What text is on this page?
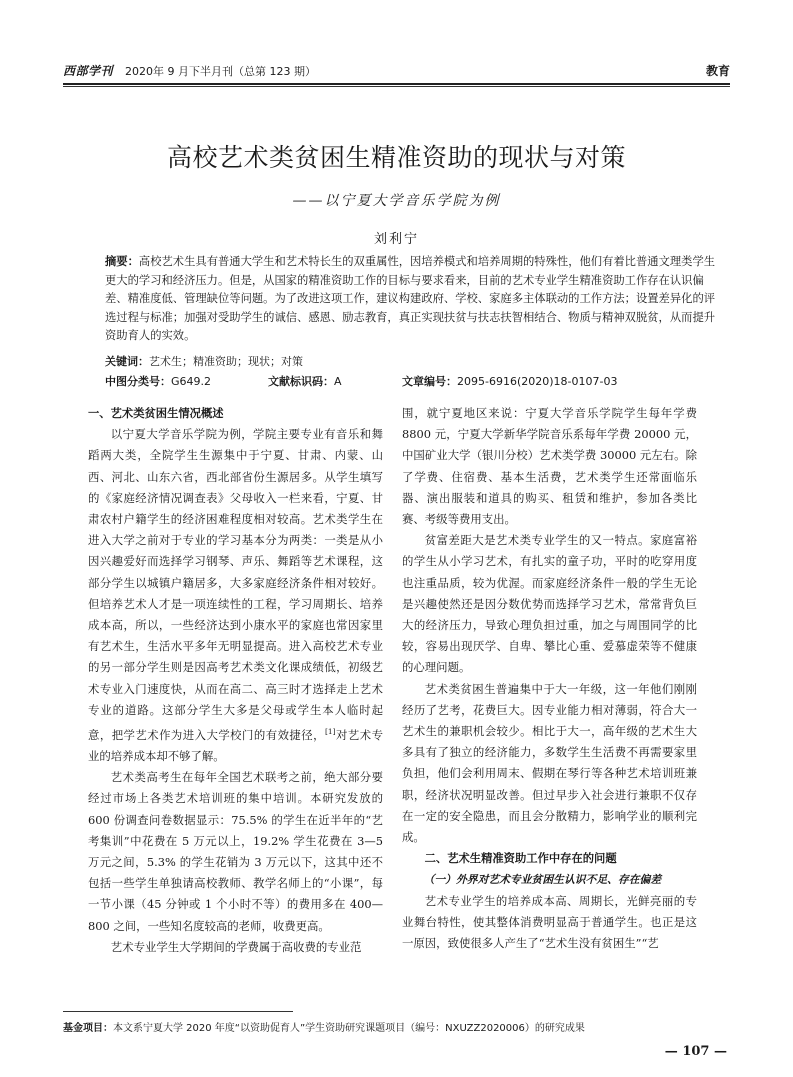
西部学刊 2020年 9 月下半月刊（总第 123 期）	教育
高校艺术类贫困生精准资助的现状与对策
——以宁夏大学音乐学院为例
刘利宁
摘要：高校艺术生具有普通大学生和艺术特长生的双重属性，因培养模式和培养周期的特殊性，他们有着比普通文理类学生更大的学习和经济压力。但是，从国家的精准资助工作的目标与要求看来，目前的艺术专业学生精准资助工作存在认识偏差、精准度低、管理缺位等问题。为了改进这项工作，建议构建政府、学校、家庭多主体联动的工作方法；设置差异化的评选过程与标准；加强对受助学生的诚信、感恩、励志教育，真正实现扶贫与扶志扶智相结合、物质与精神双脱贫，从而提升资助育人的实效。
关键词：艺术生；精准资助；现状；对策
中图分类号：G649.2	文献标识码：A	文章编号：2095-6916(2020)18-0107-03
一、艺术类贫困生情况概述

以宁夏大学音乐学院为例，学院主要专业有音乐和舞蹈两大类，全院学生生源集中于宁夏、甘肃、内蒙、山西、河北、山东六省，西北部省份生源居多。从学生填写的《家庭经济情况调查表》父母收入一栏来看，宁夏、甘肃农村户籍学生的经济困难程度相对较高。艺术类学生在进入大学之前对于专业的学习基本分为两类：一类是从小因兴趣爱好而选择学习钢琴、声乐、舞蹈等艺术课程，这部分学生以城镇户籍居多，大多家庭经济条件相对较好。但培养艺术人才是一项连续性的工程，学习周期长、培养成本高，所以，一些经济达到小康水平的家庭也常因家里有艺术生，生活水平多年无明显提高。进入高校艺术专业的另一部分学生则是因高考艺术类文化课成绩低，初级艺术专业入门速度快，从而在高二、高三时才选择走上艺术专业的道路。这部分学生大多是父母或学生本人临时起意，把学艺术作为进入大学校门的有效捷径，[1]对艺术专业的培养成本却不够了解。

艺术类高考生在每年全国艺术联考之前，绝大部分要经过市场上各类艺术培训班的集中培训。本研究发放的 600 份调查问卷数据显示：75.5% 的学生在近半年的“艺考集训”中花费在 5 万元以上，19.2% 学生花费在 3—5 万元之间，5.3% 的学生花销为 3 万元以下，这其中还不包括一些学生单独请高校教师、教学名师上的“小课”，每一节小课（45 分钟或 1 个小时不等）的费用多在 400—800 之间，一些知名度较高的老师，收费更高。

艺术专业学生大学期间的学费属于高收费的专业范

围，就宁夏地区来说：宁夏大学音乐学院学生每年学费 8800 元，宁夏大学新华学院音乐系每年学费 20000 元，中国矿业大学（银川分校）艺术类学费 30000 元左右。除了学费、住宿费、基本生活费，艺术类学生还常面临乐器、演出服装和道具的购买、租赁和维护，参加各类比赛、考级等费用支出。

贫富差距大是艺术类专业学生的又一特点。家庭富裕的学生从小学习艺术，有扎实的童子功，平时的吃穿用度也注重品质，较为优渥。而家庭经济条件一般的学生无论是兴趣使然还是因分数优势而选择学习艺术，常常背负巨大的经济压力，导致心理负担过重，加之与周围同学的比较，容易出现厌学、自卑、攀比心重、爱慕虚荣等不健康的心理问题。

艺术类贫困生普遍集中于大一年级，这一年他们刚刚经历了艺考，花费巨大。因专业能力相对薄弱，符合大一艺术生的兼职机会较少。相比于大一，高年级的艺术生大多具有了独立的经济能力，多数学生生活费不再需要家里负担，他们会利用周末、假期在琴行等各种艺术培训班兼职，经济状况明显改善。但过早步入社会进行兼职不仅存在一定的安全隐患，而且会分散精力，影响学业的顺利完成。

二、艺术生精准资助工作中存在的问题
（一）外界对艺术专业贫困生认识不足、存在偏差

艺术专业学生的培养成本高、周期长，光鲜亮丽的专业舞台特性，使其整体消费明显高于普通学生。也正是这一原因，致使很多人产生了“艺术生没有贫困生”“艺

基金项目：本文系宁夏大学 2020 年度“以资助促育人”学生资助研究课题项目（编号：NXUZZ2020006）的研究成果
— 107 —
